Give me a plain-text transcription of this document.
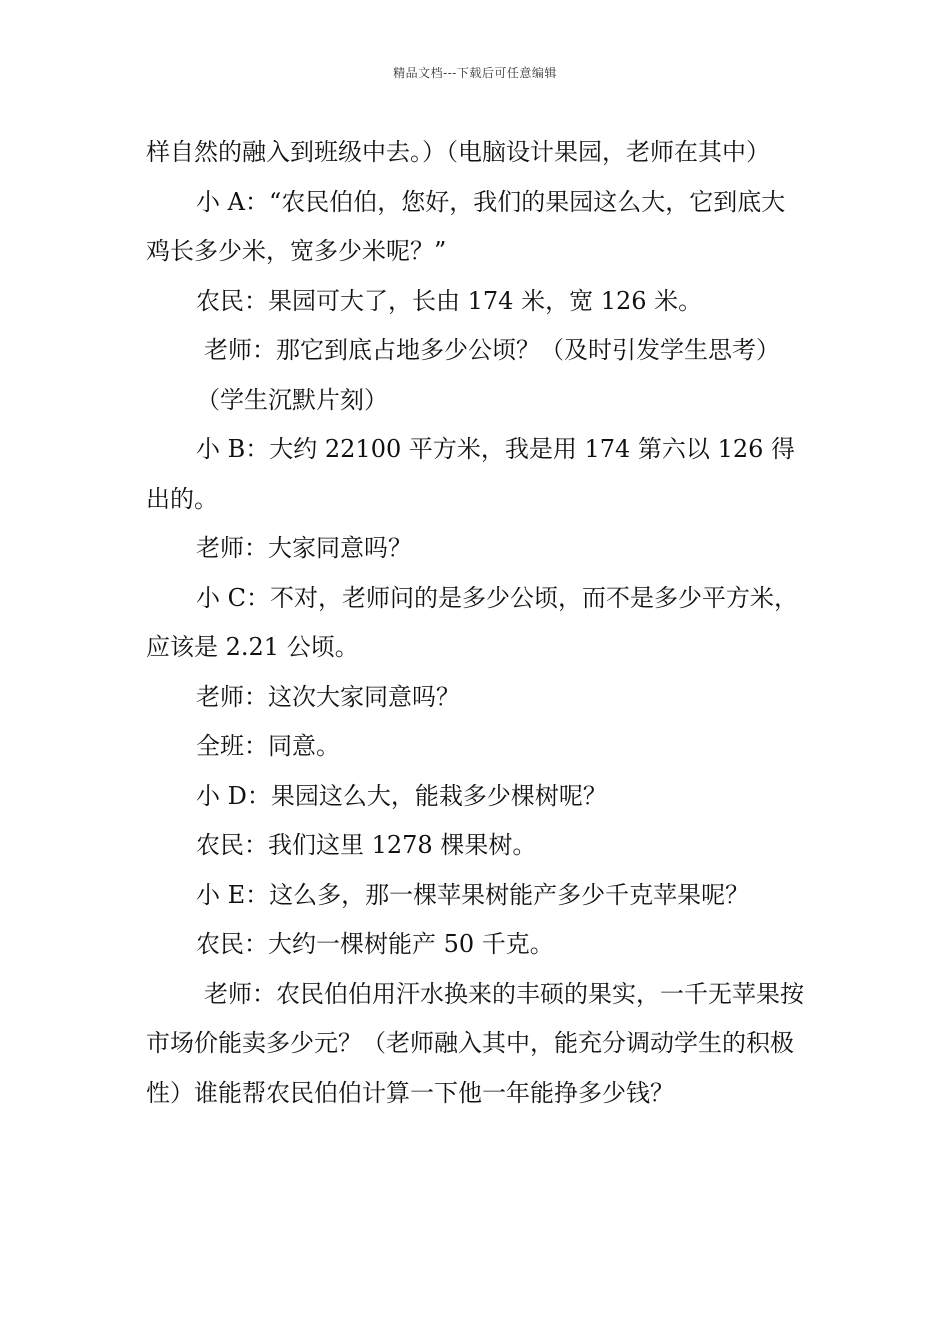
精品文档---下载后可任意编辑

样自然的融入到班级中去。）（电脑设计果园，老师在其中）

小 A：“农民伯伯，您好，我们的果园这么大，它到底大鸡长多少米，宽多少米呢？”

农民：果园可大了，长由 174 米，宽 126 米。

老师：那它到底占地多少公顷？（及时引发学生思考）

（学生沉默片刻）

小 B：大约 22100 平方米，我是用 174 第六以 126 得出的。

老师：大家同意吗？

小 C：不对，老师问的是多少公顷，而不是多少平方米，应该是 2.21 公顷。

老师：这次大家同意吗？

全班：同意。

小 D：果园这么大，能栽多少棵树呢？

农民：我们这里 1278 棵果树。

小 E：这么多，那一棵苹果树能产多少千克苹果呢？

农民：大约一棵树能产 50 千克。

老师：农民伯伯用汗水换来的丰硕的果实，一千无苹果按市场价能卖多少元？（老师融入其中，能充分调动学生的积极性）谁能帮农民伯伯计算一下他一年能挣多少钱？
